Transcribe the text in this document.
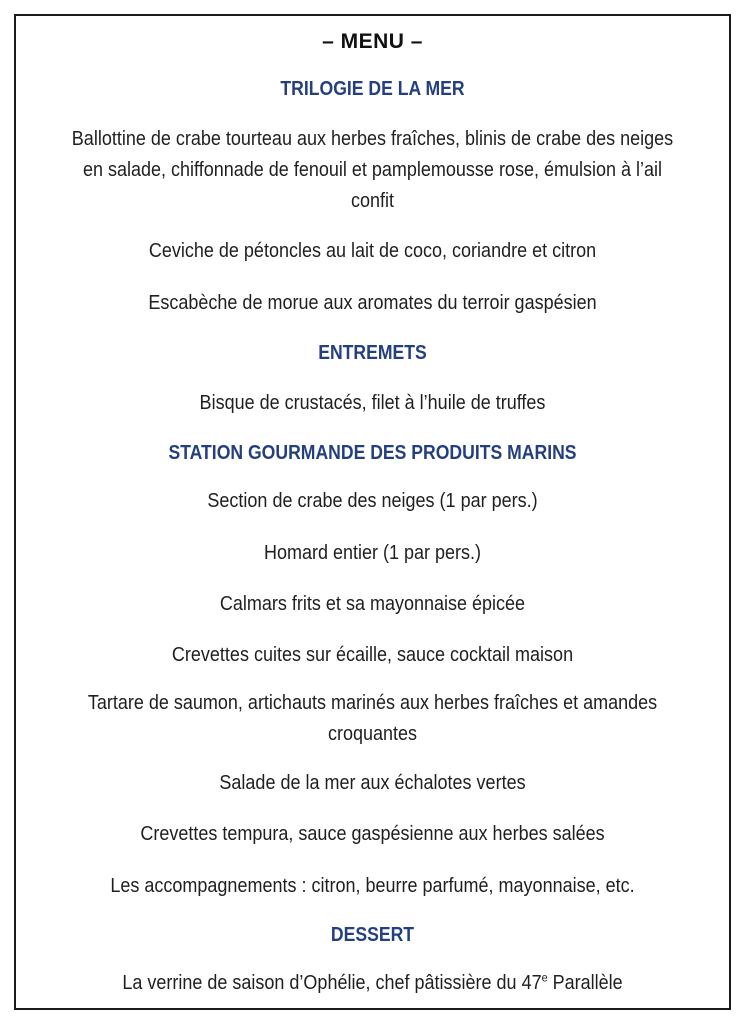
– MENU –
TRILOGIE DE LA MER
Ballottine de crabe tourteau aux herbes fraîches, blinis de crabe des neiges en salade, chiffonnade de fenouil et pamplemousse rose, émulsion à l’ail confit
Ceviche de pétoncles au lait de coco, coriandre et citron
Escabèche de morue aux aromates du terroir gaspésien
ENTREMETS
Bisque de crustacés, filet à l’huile de truffes
STATION GOURMANDE DES PRODUITS MARINS
Section de crabe des neiges (1 par pers.)
Homard entier (1 par pers.)
Calmars frits et sa mayonnaise épicée
Crevettes cuites sur écaille, sauce cocktail maison
Tartare de saumon, artichauts marinés aux herbes fraîches et amandes croquantes
Salade de la mer aux échalotes vertes
Crevettes tempura, sauce gaspésienne aux herbes salées
Les accompagnements : citron, beurre parfumé, mayonnaise, etc.
DESSERT
La verrine de saison d’Ophélie, chef pâtissière du 47e Parallèle
